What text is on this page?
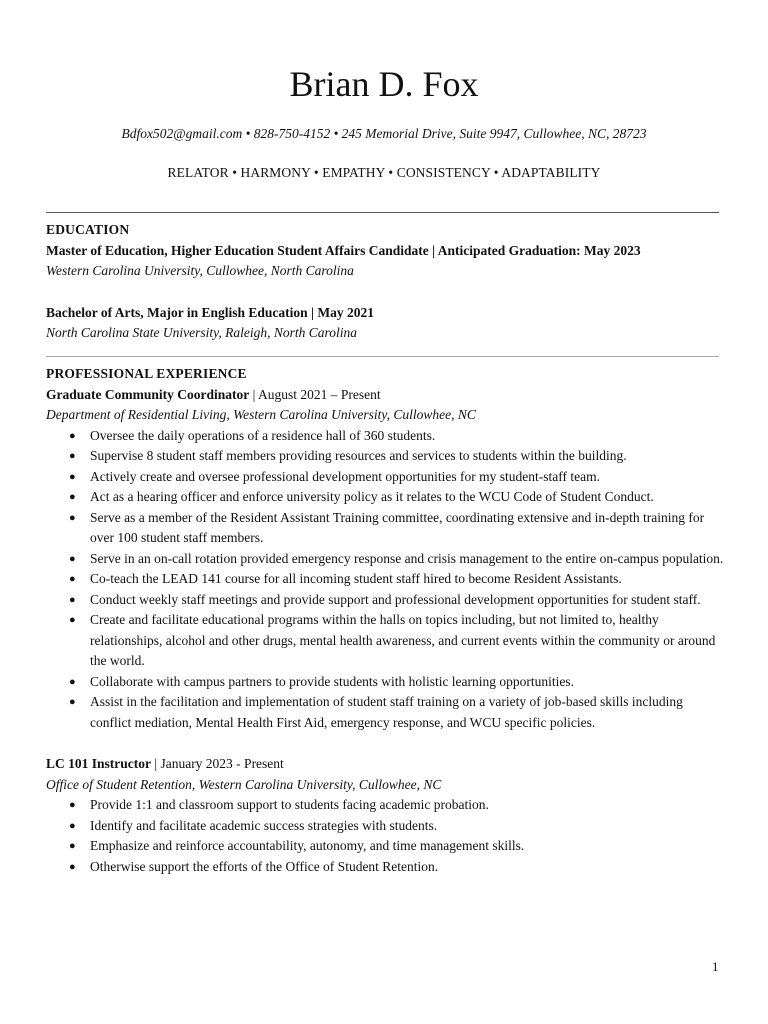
Brian D. Fox
Bdfox502@gmail.com • 828-750-4152 • 245 Memorial Drive, Suite 9947, Cullowhee, NC, 28723
RELATOR • HARMONY • EMPATHY • CONSISTENCY • ADAPTABILITY
EDUCATION
Master of Education, Higher Education Student Affairs Candidate | Anticipated Graduation: May 2023
Western Carolina University, Cullowhee, North Carolina
Bachelor of Arts, Major in English Education | May 2021
North Carolina State University, Raleigh, North Carolina
PROFESSIONAL EXPERIENCE
Graduate Community Coordinator | August 2021 – Present
Department of Residential Living, Western Carolina University, Cullowhee, NC
● Oversee the daily operations of a residence hall of 360 students.
● Supervise 8 student staff members providing resources and services to students within the building.
● Actively create and oversee professional development opportunities for my student-staff team.
● Act as a hearing officer and enforce university policy as it relates to the WCU Code of Student Conduct.
● Serve as a member of the Resident Assistant Training committee, coordinating extensive and in-depth training for over 100 student staff members.
● Serve in an on-call rotation provided emergency response and crisis management to the entire on-campus population.
● Co-teach the LEAD 141 course for all incoming student staff hired to become Resident Assistants.
● Conduct weekly staff meetings and provide support and professional development opportunities for student staff.
● Create and facilitate educational programs within the halls on topics including, but not limited to, healthy relationships, alcohol and other drugs, mental health awareness, and current events within the community or around the world.
● Collaborate with campus partners to provide students with holistic learning opportunities.
● Assist in the facilitation and implementation of student staff training on a variety of job-based skills including conflict mediation, Mental Health First Aid, emergency response, and WCU specific policies.
LC 101 Instructor | January 2023 - Present
Office of Student Retention, Western Carolina University, Cullowhee, NC
● Provide 1:1 and classroom support to students facing academic probation.
● Identify and facilitate academic success strategies with students.
● Emphasize and reinforce accountability, autonomy, and time management skills.
● Otherwise support the efforts of the Office of Student Retention.
1
